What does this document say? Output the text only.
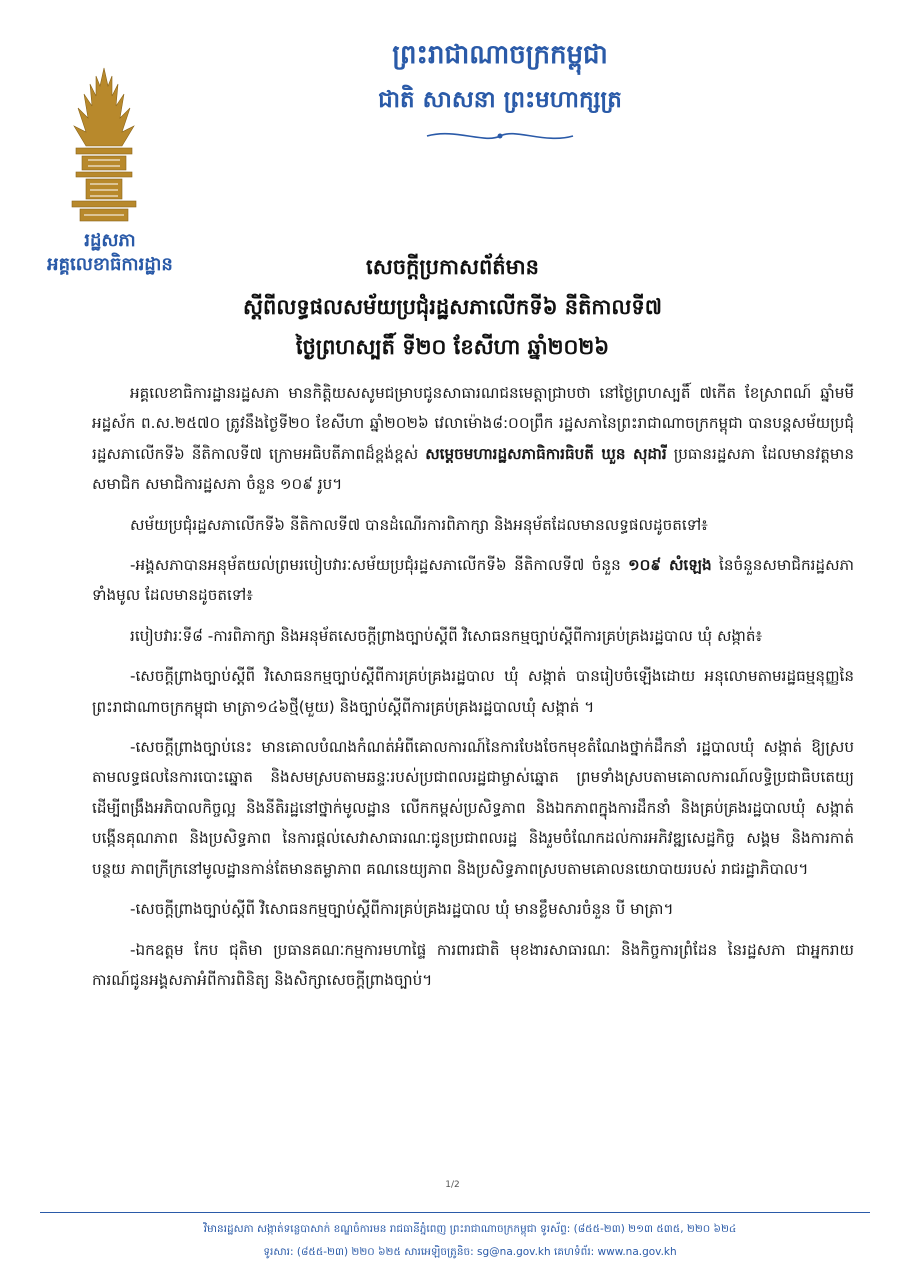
រដ្ឋសភា
អគ្គលេខាធិការដ្ឋាន
ព្រះរាជាណាចក្រកម្ពុជា
ជាតិ សាសនា ព្រះមហាក្សត្រ
សេចក្តីប្រកាសព័ត៌មាន
ស្តីពីលទ្ធផលសម័យប្រជុំរដ្ឋសភាលើកទី៦ នីតិកាលទី៧
ថ្ងៃព្រហស្បតិ៍ ទី២០ ខែសីហា ឆ្នាំ២០២៦

អគ្គលេខាធិការដ្ឋានរដ្ឋសភា មានកិត្តិយសសូមជម្រាបជូនសាធារណជនមេត្តាជ្រាបថា នៅថ្ងៃព្រហស្បតិ៍ ៧កើត ខែស្រាពណ៍ ឆ្នាំមមី អដ្ឋស័ក ព.ស.២៥៧០ ត្រូវនឹងថ្ងៃទី២០ ខែសីហា ឆ្នាំ២០២៦ វេលាម៉ោង៨:០០ព្រឹក រដ្ឋសភានៃព្រះរាជាណាចក្រកម្ពុជា បានបន្តសម័យប្រជុំរដ្ឋសភាលើកទី៦ នីតិកាលទី៧ ក្រោមអធិបតីភាពដ៏ខ្ពង់ខ្ពស់ សម្តេចមហារដ្ឋសភាធិការធិបតី ឃួន សុដារី ប្រធានរដ្ឋសភា ដែលមានវត្តមានសមាជិក សមាជិការដ្ឋសភា ចំនួន ១០៩ រូប។

សម័យប្រជុំរដ្ឋសភាលើកទី៦ នីតិកាលទី៧ បានដំណើរការពិភាក្សា និងអនុម័តដែលមានលទ្ធផលដូចតទៅ៖

-អង្គសភាបានអនុម័តយល់ព្រមរបៀបវារៈសម័យប្រជុំរដ្ឋសភាលើកទី៦ នីតិកាលទី៧ ចំនួន ១០៩ សំឡេង នៃចំនួនសមាជិករដ្ឋសភាទាំងមូល ដែលមានដូចតទៅ៖

របៀបវារៈទី៨ -ការពិភាក្សា និងអនុម័តសេចក្តីព្រាងច្បាប់ស្តីពី វិសោធនកម្មច្បាប់ស្តីពីការគ្រប់គ្រងរដ្ឋបាល ឃុំ សង្កាត់៖

-សេចក្តីព្រាងច្បាប់ស្តីពី វិសោធនកម្មច្បាប់ស្តីពីការគ្រប់គ្រងរដ្ឋបាល ឃុំ សង្កាត់ បានរៀបចំឡើងដោយ អនុលោមតាមរដ្ឋធម្មនុញ្ញនៃព្រះរាជាណាចក្រកម្ពុជា មាត្រា១៤៦ថ្មី(មួយ) និងច្បាប់ស្តីពីការគ្រប់គ្រងរដ្ឋបាលឃុំ សង្កាត់ ។

-សេចក្តីព្រាងច្បាប់នេះ មានគោលបំណងកំណត់អំពីគោលការណ៍នៃការបែងចែកមុខតំណែងថ្នាក់ដឹកនាំ រដ្ឋបាលឃុំ សង្កាត់ ឱ្យស្របតាមលទ្ធផលនៃការបោះឆ្នោត និងសមស្របតាមឆន្ទៈរបស់ប្រជាពលរដ្ឋជាម្ចាស់ឆ្នោត ព្រមទាំងស្របតាមគោលការណ៍លទ្ធិប្រជាធិបតេយ្យ ដើម្បីពង្រឹងអភិបាលកិច្ចល្អ និងនីតិរដ្ឋនៅថ្នាក់មូលដ្ឋាន លើកកម្ពស់ប្រសិទ្ធភាព និងឯកភាពក្នុងការដឹកនាំ និងគ្រប់គ្រងរដ្ឋបាលឃុំ សង្កាត់ បង្កើនគុណភាព និងប្រសិទ្ធភាព នៃការផ្តល់សេវាសាធារណៈជូនប្រជាពលរដ្ឋ និងរួមចំណែកដល់ការអភិវឌ្ឍសេដ្ឋកិច្ច សង្គម និងការកាត់បន្ថយ ភាពក្រីក្រនៅមូលដ្ឋានកាន់តែមានតម្លាភាព គណនេយ្យភាព និងប្រសិទ្ធភាពស្របតាមគោលនយោបាយរបស់ រាជរដ្ឋាភិបាល។

-សេចក្តីព្រាងច្បាប់ស្តីពី វិសោធនកម្មច្បាប់ស្តីពីការគ្រប់គ្រងរដ្ឋបាល ឃុំ មានខ្លឹមសារចំនួន បី មាត្រា។

-ឯកឧត្តម កែប ជុតិមា ប្រធានគណៈកម្មការមហាផ្ទៃ ការពារជាតិ មុខងារសាធារណៈ និងកិច្ចការព្រំដែន នៃរដ្ឋសភា ជាអ្នករាយការណ៍ជូនអង្គសភាអំពីការពិនិត្យ និងសិក្សាសេចក្តីព្រាងច្បាប់។

1/2
វិមានរដ្ឋសភា សង្កាត់ទន្លេបាសាក់ ខណ្ឌចំការមន រាជធានីភ្នំពេញ ព្រះរាជាណាចក្រកម្ពុជា ទូរស័ព្ទ: (៨៥៥-២៣) ២១៣ ៥៣៥, ២២០ ៦២៤
ទូរសារ: (៨៥៥-២៣) ២២០ ៦២៥ សារអេឡិចត្រូនិច: sg@na.gov.kh គេហទំព័រ: www.na.gov.kh
